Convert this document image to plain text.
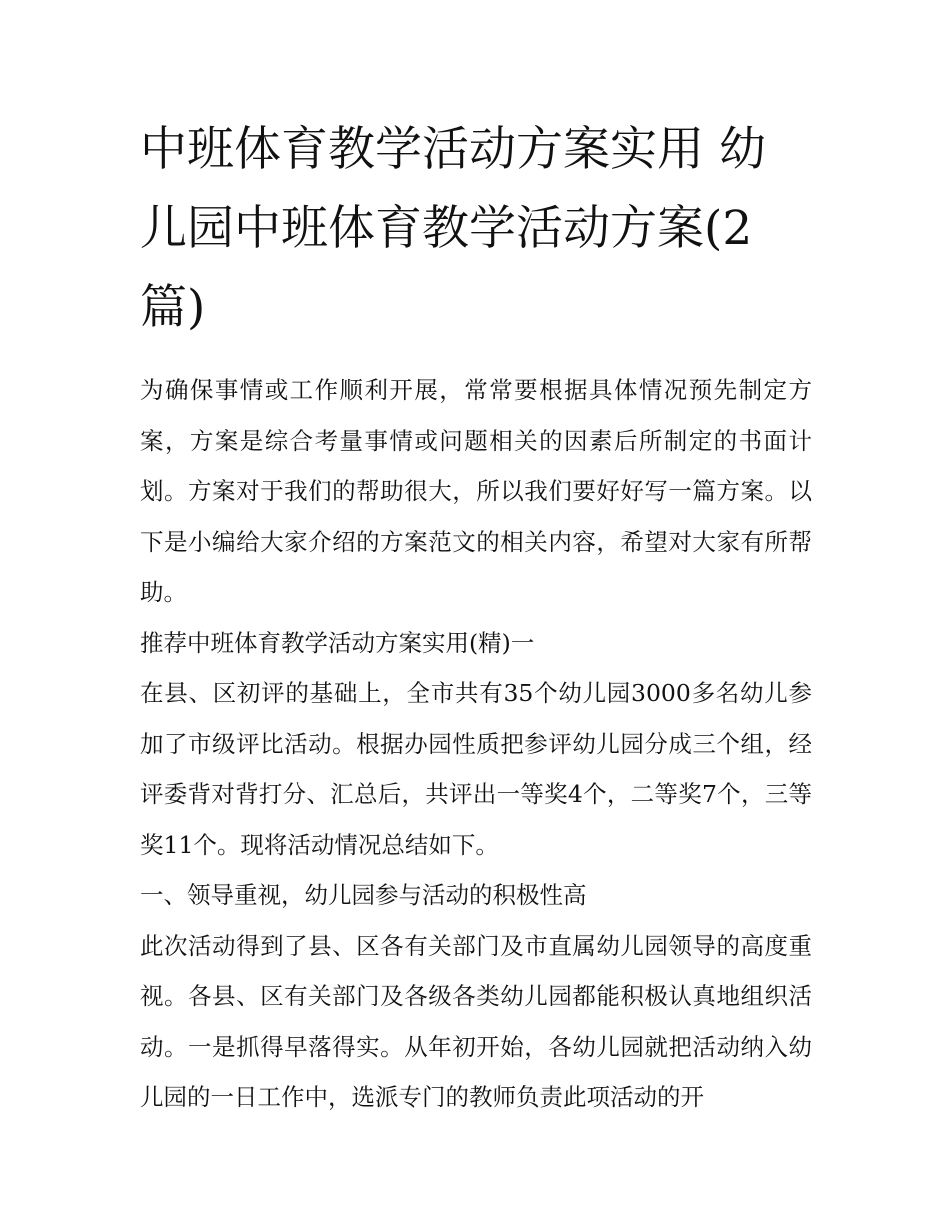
中班体育教学活动方案实用 幼儿园中班体育教学活动方案(2篇)

为确保事情或工作顺利开展，常常要根据具体情况预先制定方案，方案是综合考量事情或问题相关的因素后所制定的书面计划。方案对于我们的帮助很大，所以我们要好好写一篇方案。以下是小编给大家介绍的方案范文的相关内容，希望对大家有所帮助。

推荐中班体育教学活动方案实用(精)一

在县、区初评的基础上，全市共有35个幼儿园3000多名幼儿参加了市级评比活动。根据办园性质把参评幼儿园分成三个组，经评委背对背打分、汇总后，共评出一等奖4个，二等奖7个，三等奖11个。现将活动情况总结如下。

一、领导重视，幼儿园参与活动的积极性高

此次活动得到了县、区各有关部门及市直属幼儿园领导的高度重视。各县、区有关部门及各级各类幼儿园都能积极认真地组织活动。一是抓得早落得实。从年初开始，各幼儿园就把活动纳入幼儿园的一日工作中，选派专门的教师负责此项活动的开
